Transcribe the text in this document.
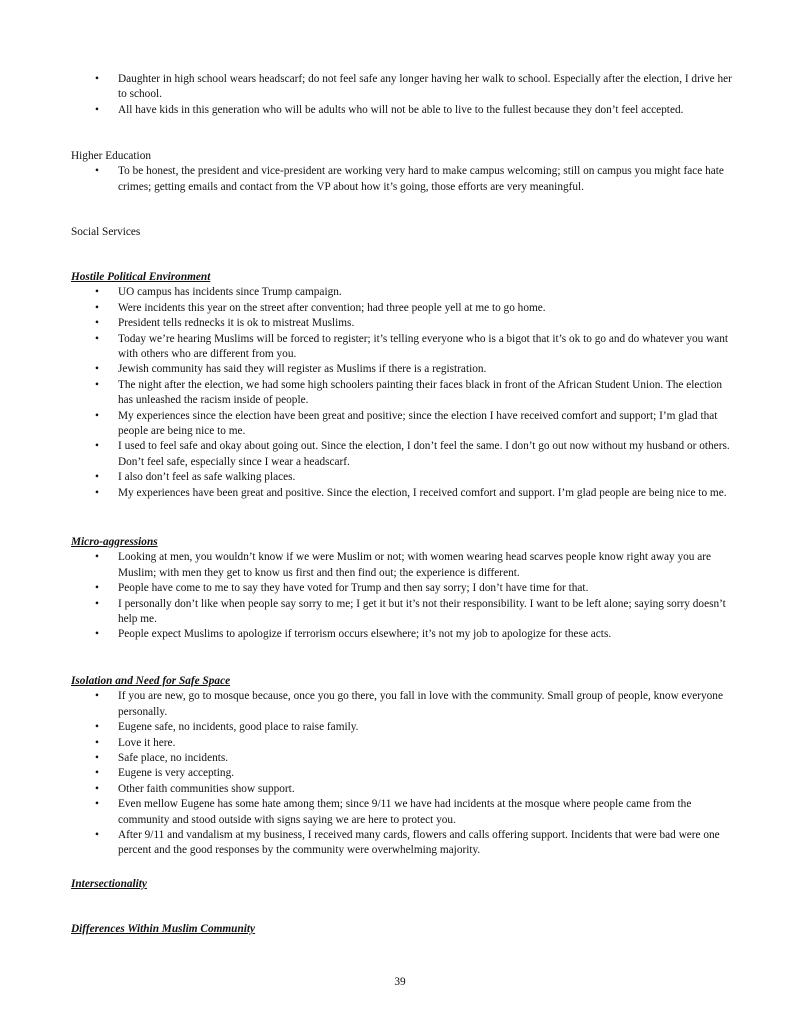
• Daughter in high school wears headscarf; do not feel safe any longer having her walk to school. Especially after the election, I drive her to school.
• All have kids in this generation who will be adults who will not be able to live to the fullest because they don’t feel accepted.
Higher Education
• To be honest, the president and vice-president are working very hard to make campus welcoming; still on campus you might face hate crimes; getting emails and contact from the VP about how it’s going, those efforts are very meaningful.
Social Services
Hostile Political Environment
• UO campus has incidents since Trump campaign.
• Were incidents this year on the street after convention; had three people yell at me to go home.
• President tells rednecks it is ok to mistreat Muslims.
• Today we’re hearing Muslims will be forced to register; it’s telling everyone who is a bigot that it’s ok to go and do whatever you want with others who are different from you.
• Jewish community has said they will register as Muslims if there is a registration.
• The night after the election, we had some high schoolers painting their faces black in front of the African Student Union. The election has unleashed the racism inside of people.
• My experiences since the election have been great and positive; since the election I have received comfort and support; I’m glad that people are being nice to me.
• I used to feel safe and okay about going out. Since the election, I don’t feel the same. I don’t go out now without my husband or others. Don’t feel safe, especially since I wear a headscarf.
• I also don’t feel as safe walking places.
• My experiences have been great and positive. Since the election, I received comfort and support. I’m glad people are being nice to me.
Micro-aggressions
• Looking at men, you wouldn’t know if we were Muslim or not; with women wearing head scarves people know right away you are Muslim; with men they get to know us first and then find out; the experience is different.
• People have come to me to say they have voted for Trump and then say sorry; I don’t have time for that.
• I personally don’t like when people say sorry to me; I get it but it’s not their responsibility. I want to be left alone; saying sorry doesn’t help me.
• People expect Muslims to apologize if terrorism occurs elsewhere; it’s not my job to apologize for these acts.
Isolation and Need for Safe Space
• If you are new, go to mosque because, once you go there, you fall in love with the community. Small group of people, know everyone personally.
• Eugene safe, no incidents, good place to raise family.
• Love it here.
• Safe place, no incidents.
• Eugene is very accepting.
• Other faith communities show support.
• Even mellow Eugene has some hate among them; since 9/11 we have had incidents at the mosque where people came from the community and stood outside with signs saying we are here to protect you.
• After 9/11 and vandalism at my business, I received many cards, flowers and calls offering support. Incidents that were bad were one percent and the good responses by the community were overwhelming majority.
Intersectionality
Differences Within Muslim Community
39
